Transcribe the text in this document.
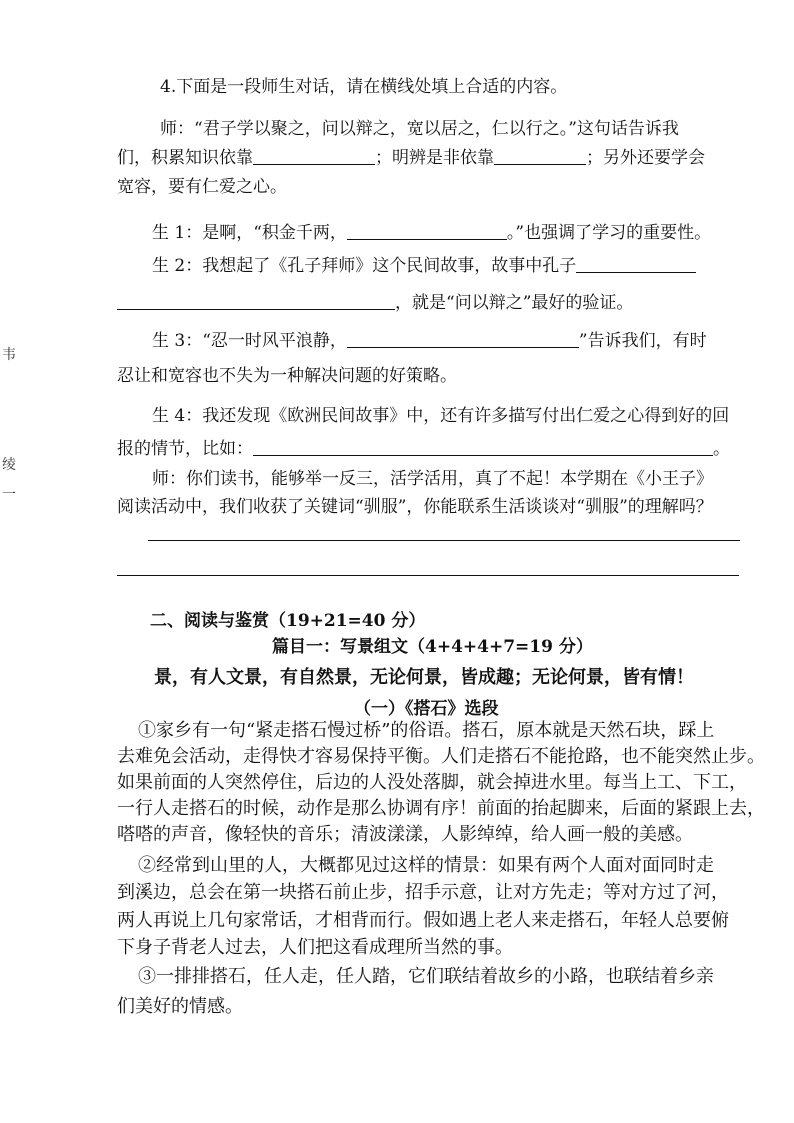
韦
绫
一
4.下面是一段师生对话，请在横线处填上合适的内容。
师：“君子学以聚之，问以辩之，宽以居之，仁以行之。”这句话告诉我
们，积累知识依靠	；明辨是非依靠	；另外还要学会
宽容，要有仁爱之心。
生 1：是啊，“积金千两，	。”也强调了学习的重要性。
生 2：我想起了《孔子拜师》这个民间故事，故事中孔子
，就是“问以辩之”最好的验证。
生 3：“忍一时风平浪静，	”告诉我们，有时
忍让和宽容也不失为一种解决问题的好策略。
生 4：我还发现《欧洲民间故事》中，还有许多描写付出仁爱之心得到好的回
报的情节，比如：	。
师：你们读书，能够举一反三，活学活用，真了不起！本学期在《小王子》
阅读活动中，我们收获了关键词“驯服”，你能联系生活谈谈对“驯服”的理解吗？
二、阅读与鉴赏（19+21=40 分）
篇目一：写景组文（4+4+4+7=19 分）
景，有人文景，有自然景，无论何景，皆成趣；无论何景，皆有情！
（一）《搭石》选段
①家乡有一句“紧走搭石慢过桥”的俗语。搭石，原本就是天然石块，踩上
去难免会活动，走得快才容易保持平衡。人们走搭石不能抢路，也不能突然止步。
如果前面的人突然停住，后边的人没处落脚，就会掉进水里。每当上工、下工，
一行人走搭石的时候，动作是那么协调有序！前面的抬起脚来，后面的紧跟上去，
嗒嗒的声音，像轻快的音乐；清波漾漾，人影绰绰，给人画一般的美感。
②经常到山里的人，大概都见过这样的情景：如果有两个人面对面同时走
到溪边，总会在第一块搭石前止步，招手示意，让对方先走；等对方过了河，
两人再说上几句家常话，才相背而行。假如遇上老人来走搭石，年轻人总要俯
下身子背老人过去，人们把这看成理所当然的事。
③一排排搭石，任人走，任人踏，它们联结着故乡的小路，也联结着乡亲
们美好的情感。
